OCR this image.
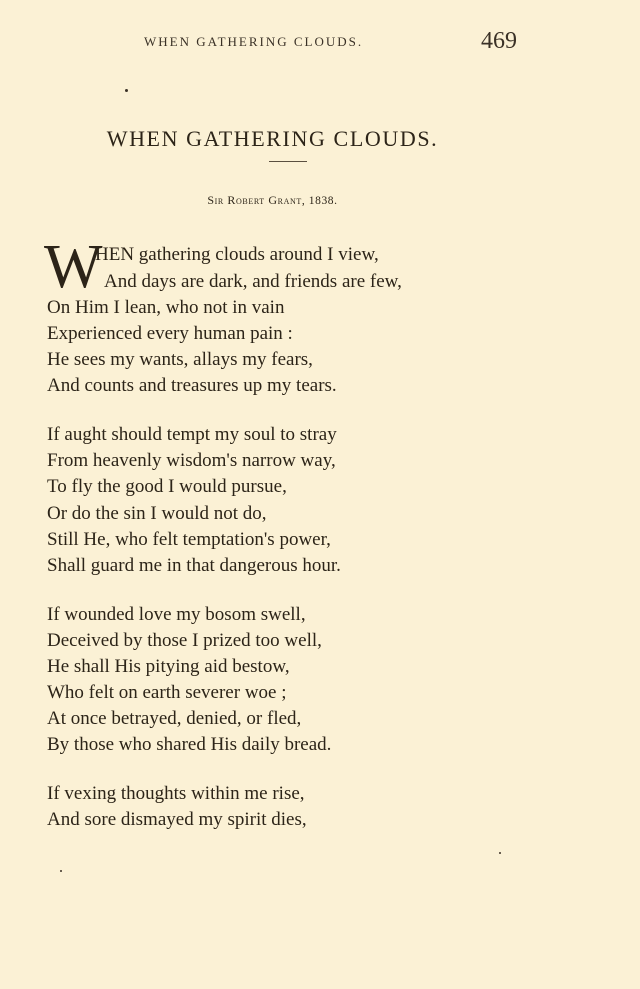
WHEN GATHERING CLOUDS.	469
WHEN GATHERING CLOUDS.
Sir Robert Grant, 1838.
W
HEN gathering clouds around I view,
And days are dark, and friends are few,
On Him I lean, who not in vain
Experienced every human pain :
He sees my wants, allays my fears,
And counts and treasures up my tears.
If aught should tempt my soul to stray
From heavenly wisdom's narrow way,
To fly the good I would pursue,
Or do the sin I would not do,
Still He, who felt temptation's power,
Shall guard me in that dangerous hour.
If wounded love my bosom swell,
Deceived by those I prized too well,
He shall His pitying aid bestow,
Who felt on earth severer woe ;
At once betrayed, denied, or fled,
By those who shared His daily bread.
If vexing thoughts within me rise,
And sore dismayed my spirit dies,
